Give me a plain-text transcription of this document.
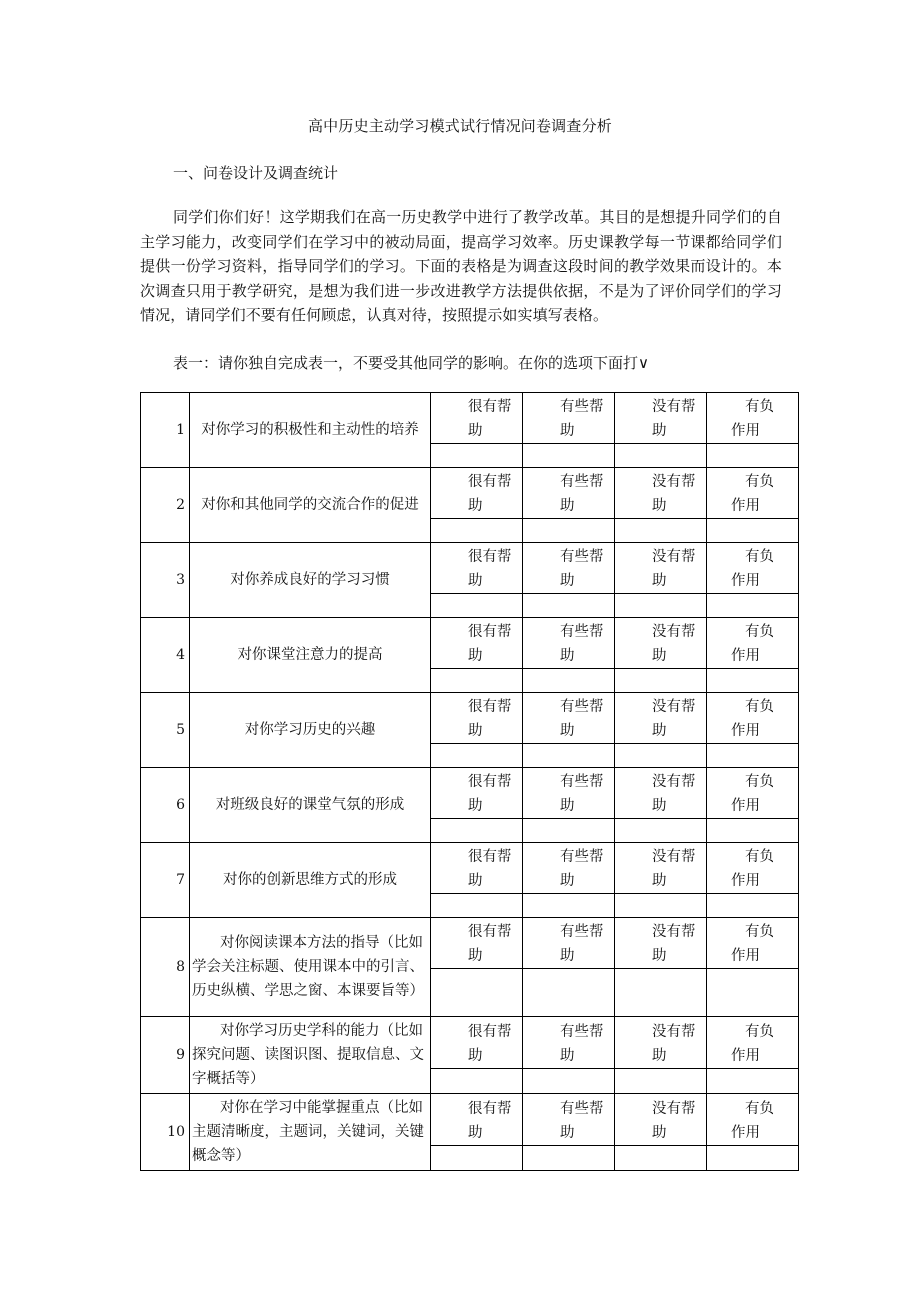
高中历史主动学习模式试行情况问卷调查分析
一、问卷设计及调查统计

同学们你们好！这学期我们在高一历史教学中进行了教学改革。其目的是想提升同学们的自主学习能力，改变同学们在学习中的被动局面，提高学习效率。历史课教学每一节课都给同学们提供一份学习资料，指导同学们的学习。下面的表格是为调查这段时间的教学效果而设计的。本次调查只用于教学研究，是想为我们进一步改进教学方法提供依据，不是为了评价同学们的学习情况，请同学们不要有任何顾虑，认真对待，按照提示如实填写表格。

表一：请你独自完成表一，不要受其他同学的影响。在你的选项下面打∨
1	对你学习的积极性和主动性的培养	很有帮
助	有些帮
助	没有帮
助	有负
作用

2	对你和其他同学的交流合作的促进	很有帮
助	有些帮
助	没有帮
助	有负
作用

3	对你养成良好的学习习惯	很有帮
助	有些帮
助	没有帮
助	有负
作用

4	对你课堂注意力的提高	很有帮
助	有些帮
助	没有帮
助	有负
作用

5	对你学习历史的兴趣	很有帮
助	有些帮
助	没有帮
助	有负
作用

6	对班级良好的课堂气氛的形成	很有帮
助	有些帮
助	没有帮
助	有负
作用

7	对你的创新思维方式的形成	很有帮
助	有些帮
助	没有帮
助	有负
作用

8	对你阅读课本方法的指导（比如学会关注标题、使用课本中的引言、历史纵横、学思之窗、本课要旨等）	很有帮
助	有些帮
助	没有帮
助	有负
作用

9	对你学习历史学科的能力（比如探究问题、读图识图、提取信息、文字概括等）	很有帮
助	有些帮
助	没有帮
助	有负
作用

10	对你在学习中能掌握重点（比如主题清晰度，主题词，关键词，关键概念等）	很有帮
助	有些帮
助	没有帮
助	有负
作用
